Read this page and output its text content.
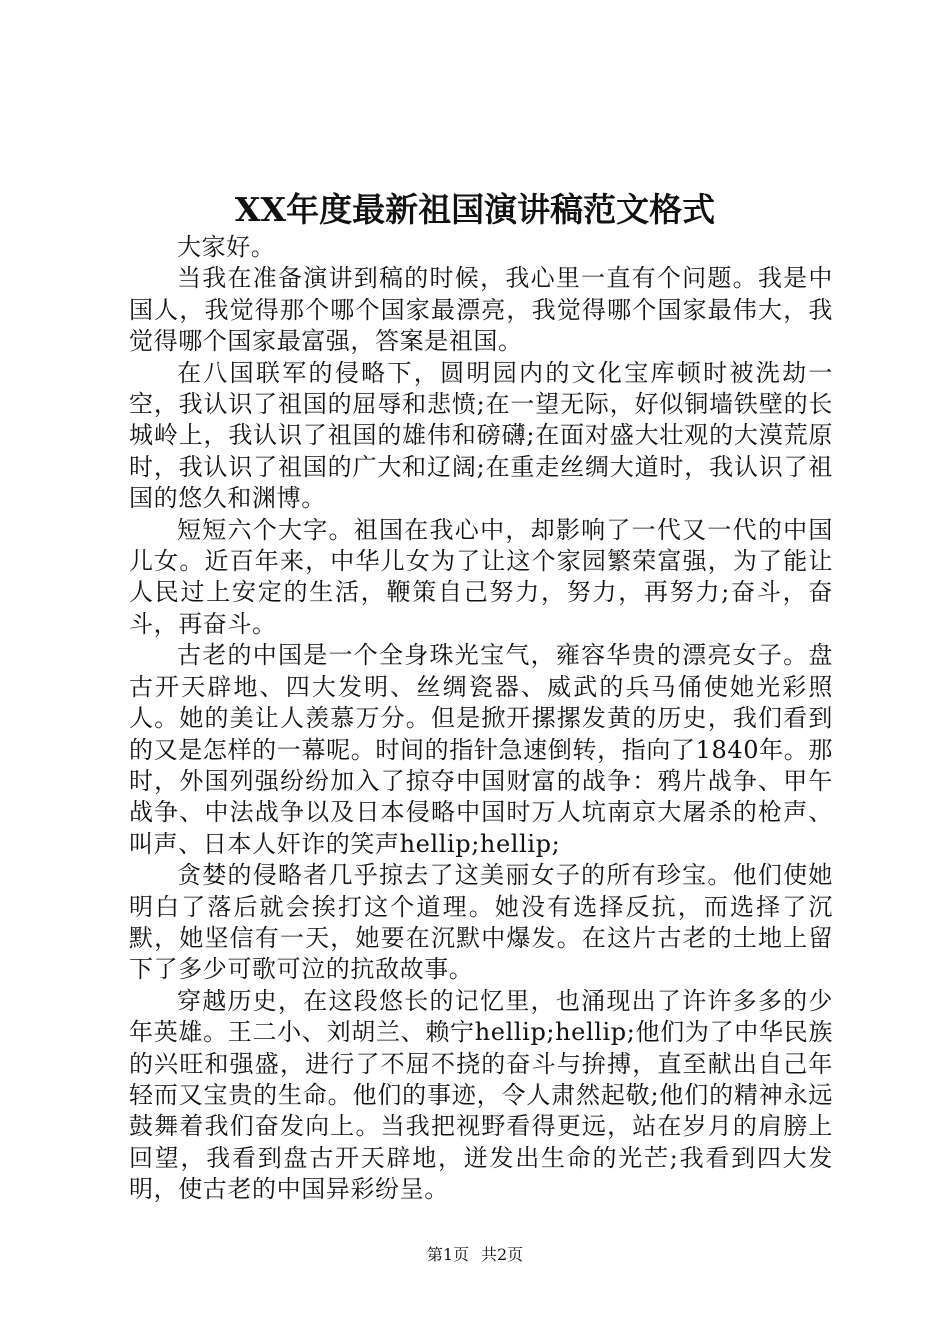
XX年度最新祖国演讲稿范文格式

大家好。

当我在准备演讲到稿的时候，我心里一直有个问题。我是中国人，我觉得那个哪个国家最漂亮，我觉得哪个国家最伟大，我觉得哪个国家最富强，答案是祖国。

在八国联军的侵略下，圆明园内的文化宝库顿时被洗劫一空，我认识了祖国的屈辱和悲愤;在一望无际，好似铜墙铁壁的长城岭上，我认识了祖国的雄伟和磅礴;在面对盛大壮观的大漠荒原时，我认识了祖国的广大和辽阔;在重走丝绸大道时，我认识了祖国的悠久和渊博。

短短六个大字。祖国在我心中，却影响了一代又一代的中国儿女。近百年来，中华儿女为了让这个家园繁荣富强，为了能让人民过上安定的生活，鞭策自己努力，努力，再努力;奋斗，奋斗，再奋斗。

古老的中国是一个全身珠光宝气，雍容华贵的漂亮女子。盘古开天辟地、四大发明、丝绸瓷器、威武的兵马俑使她光彩照人。她的美让人羡慕万分。但是掀开摞摞发黄的历史，我们看到的又是怎样的一幕呢。时间的指针急速倒转，指向了1840年。那时，外国列强纷纷加入了掠夺中国财富的战争：鸦片战争、甲午战争、中法战争以及日本侵略中国时万人坑南京大屠杀的枪声、叫声、日本人奸诈的笑声hellip;hellip;

贪婪的侵略者几乎掠去了这美丽女子的所有珍宝。他们使她明白了落后就会挨打这个道理。她没有选择反抗，而选择了沉默，她坚信有一天，她要在沉默中爆发。在这片古老的土地上留下了多少可歌可泣的抗敌故事。

穿越历史，在这段悠长的记忆里，也涌现出了许许多多的少年英雄。王二小、刘胡兰、赖宁hellip;hellip;他们为了中华民族的兴旺和强盛，进行了不屈不挠的奋斗与拚搏，直至献出自己年轻而又宝贵的生命。他们的事迹，令人肃然起敬;他们的精神永远鼓舞着我们奋发向上。当我把视野看得更远，站在岁月的肩膀上回望，我看到盘古开天辟地，迸发出生命的光芒;我看到四大发明，使古老的中国异彩纷呈。

第1页 共2页
